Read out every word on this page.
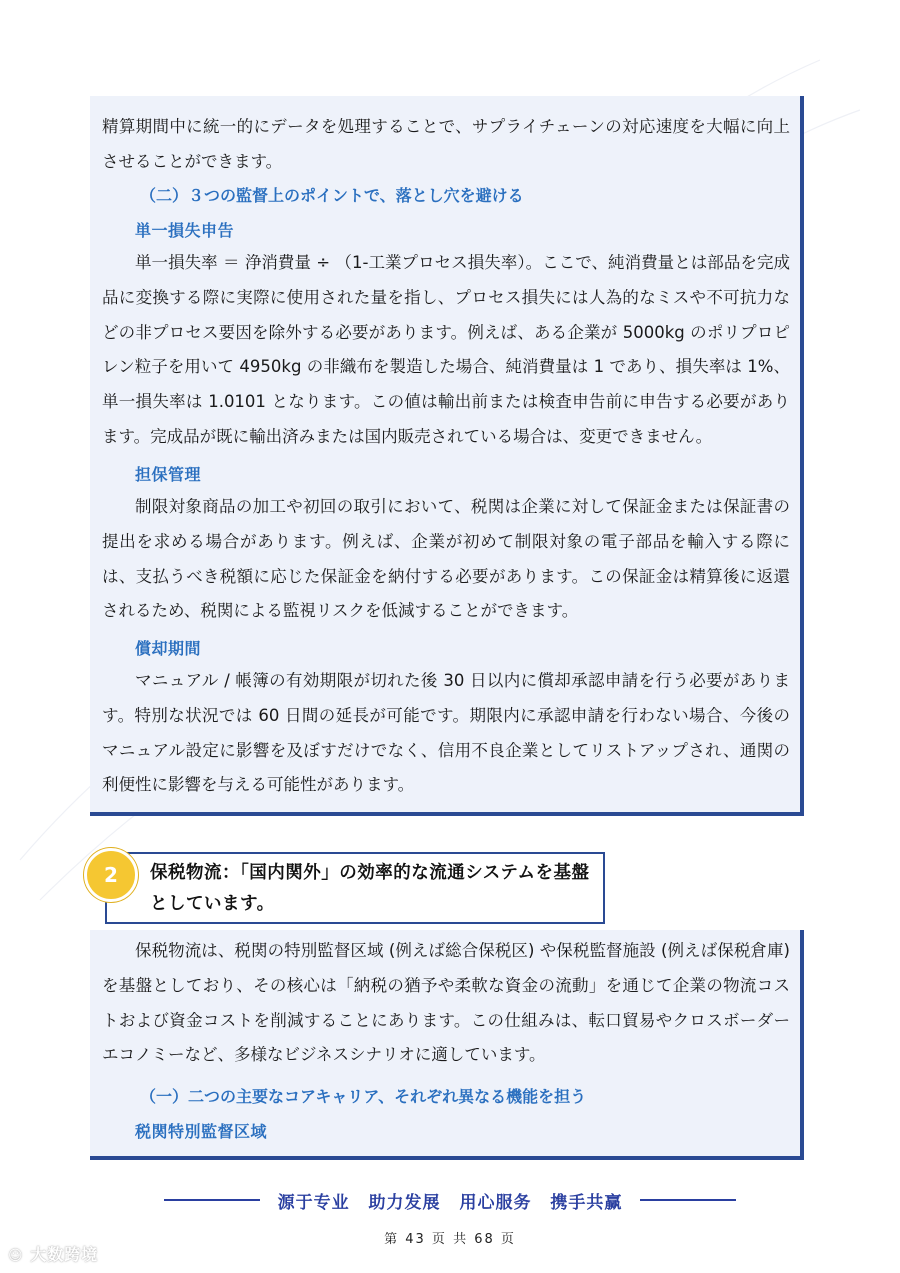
精算期間中に統一的にデータを処理することで、サプライチェーンの対応速度を大幅に向上させることができます。
（二）３つの監督上のポイントで、落とし穴を避ける
単一損失申告
単一損失率 ＝ 浄消費量 ÷ （1-工業プロセス損失率）。ここで、純消費量とは部品を完成品に変換する際に実際に使用された量を指し、プロセス損失には人為的なミスや不可抗力などの非プロセス要因を除外する必要があります。例えば、ある企業が 5000kg のポリプロピレン粒子を用いて 4950kg の非織布を製造した場合、純消費量は 1 であり、損失率は 1%、単一損失率は 1.0101 となります。この値は輸出前または検査申告前に申告する必要があります。完成品が既に輸出済みまたは国内販売されている場合は、変更できません。
担保管理
制限対象商品の加工や初回の取引において、税関は企業に対して保証金または保証書の提出を求める場合があります。例えば、企業が初めて制限対象の電子部品を輸入する際には、支払うべき税額に応じた保証金を納付する必要があります。この保証金は精算後に返還されるため、税関による監視リスクを低減することができます。
償却期間
マニュアル / 帳簿の有効期限が切れた後 30 日以内に償却承認申請を行う必要があります。特別な状況では 60 日間の延長が可能です。期限内に承認申請を行わない場合、今後のマニュアル設定に影響を及ぼすだけでなく、信用不良企業としてリストアップされ、通関の利便性に影響を与える可能性があります。
2	保税物流：「国内関外」の効率的な流通システムを基盤としています。
保税物流は、税関の特別監督区域 (例えば総合保税区) や保税監督施設 (例えば保税倉庫) を基盤としており、その核心は「納税の猶予や柔軟な資金の流動」を通じて企業の物流コストおよび資金コストを削減することにあります。この仕組みは、転口貿易やクロスボーダーエコノミーなど、多様なビジネスシナリオに適しています。
（一）二つの主要なコアキャリア、それぞれ異なる機能を担う
税関特別監督区域
源于专业 助力发展 用心服务 携手共赢
第 43 页 共 68 页
☺ 大数跨境
